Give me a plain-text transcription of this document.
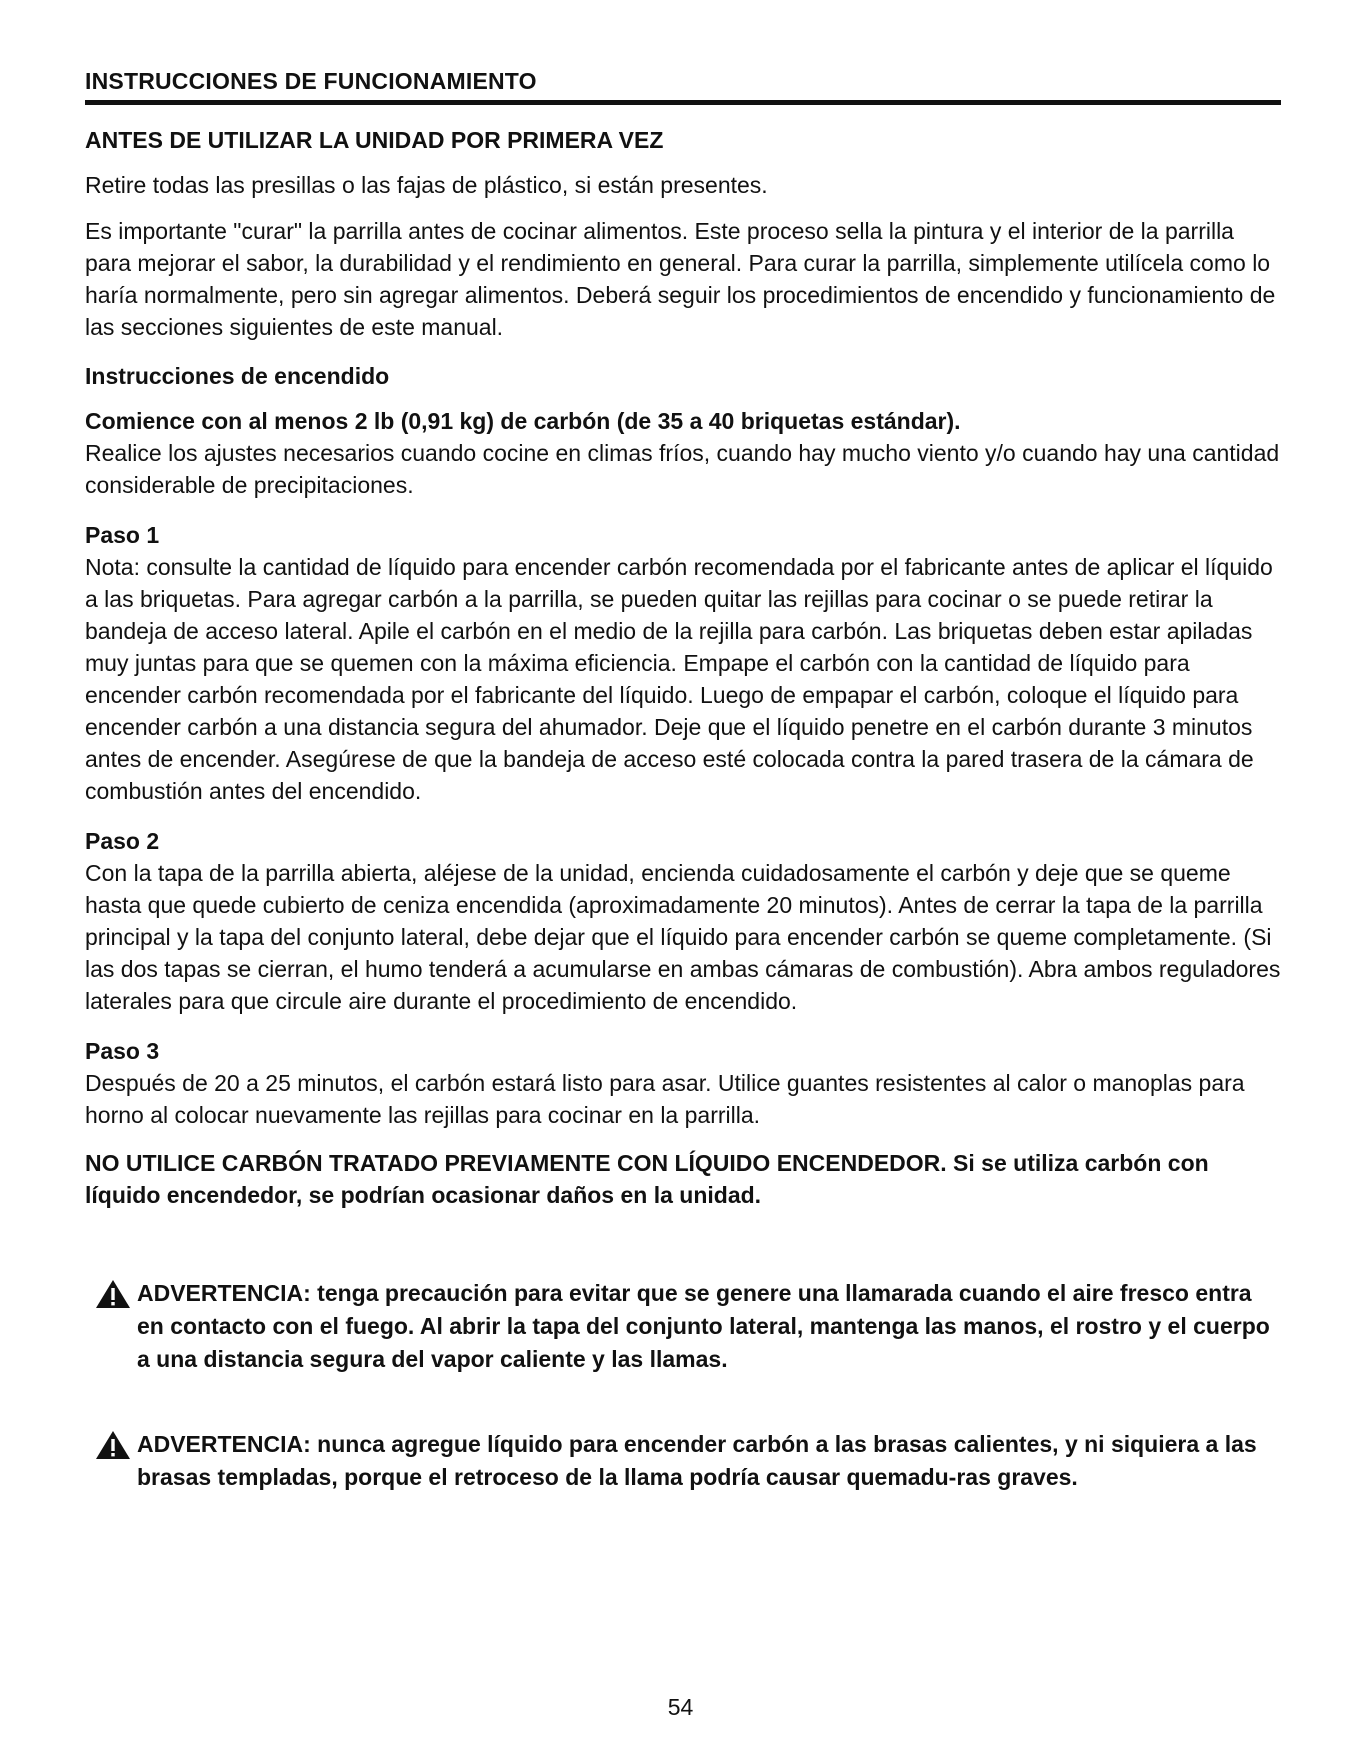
INSTRUCCIONES DE FUNCIONAMIENTO
ANTES DE UTILIZAR LA UNIDAD POR PRIMERA VEZ
Retire todas las presillas o las fajas de plástico, si están presentes.
Es importante "curar" la parrilla antes de cocinar alimentos. Este proceso sella la pintura y el interior de la parrilla para mejorar el sabor, la durabilidad y el rendimiento en general. Para curar la parrilla, simplemente utilícela como lo haría normalmente, pero sin agregar alimentos. Deberá seguir los procedimientos de encendido y funcionamiento de las secciones siguientes de este manual.
Instrucciones de encendido
Comience con al menos 2 lb (0,91 kg) de carbón (de 35 a 40 briquetas estándar).
Realice los ajustes necesarios cuando cocine en climas fríos, cuando hay mucho viento y/o cuando hay una cantidad considerable de precipitaciones.
Paso 1
Nota: consulte la cantidad de líquido para encender carbón recomendada por el fabricante antes de aplicar el líquido a las briquetas. Para agregar carbón a la parrilla, se pueden quitar las rejillas para cocinar o se puede retirar la bandeja de acceso lateral. Apile el carbón en el medio de la rejilla para carbón. Las briquetas deben estar apiladas muy juntas para que se quemen con la máxima eficiencia. Empape el carbón con la cantidad de líquido para encender carbón recomendada por el fabricante del líquido. Luego de empapar el carbón, coloque el líquido para encender carbón a una distancia segura del ahumador. Deje que el líquido penetre en el carbón durante 3 minutos antes de encender. Asegúrese de que la bandeja de acceso esté colocada contra la pared trasera de la cámara de combustión antes del encendido.
Paso 2
Con la tapa de la parrilla abierta, aléjese de la unidad, encienda cuidadosamente el carbón y deje que se queme hasta que quede cubierto de ceniza encendida (aproximadamente 20 minutos). Antes de cerrar la tapa de la parrilla principal y la tapa del conjunto lateral, debe dejar que el líquido para encender carbón se queme completamente. (Si las dos tapas se cierran, el humo tenderá a acumularse en ambas cámaras de combustión). Abra ambos reguladores laterales para que circule aire durante el procedimiento de encendido.
Paso 3
Después de 20 a 25 minutos, el carbón estará listo para asar. Utilice guantes resistentes al calor o manoplas para horno al colocar nuevamente las rejillas para cocinar en la parrilla.
NO UTILICE CARBÓN TRATADO PREVIAMENTE CON LÍQUIDO ENCENDEDOR. Si se utiliza carbón con líquido encendedor, se podrían ocasionar daños en la unidad.
ADVERTENCIA: tenga precaución para evitar que se genere una llamarada cuando el aire fresco entra en contacto con el fuego. Al abrir la tapa del conjunto lateral, mantenga las manos, el rostro y el cuerpo a una distancia segura del vapor caliente y las llamas.
ADVERTENCIA: nunca agregue líquido para encender carbón a las brasas calientes, y ni siquiera a las brasas templadas, porque el retroceso de la llama podría causar quemadu-ras graves.
54
